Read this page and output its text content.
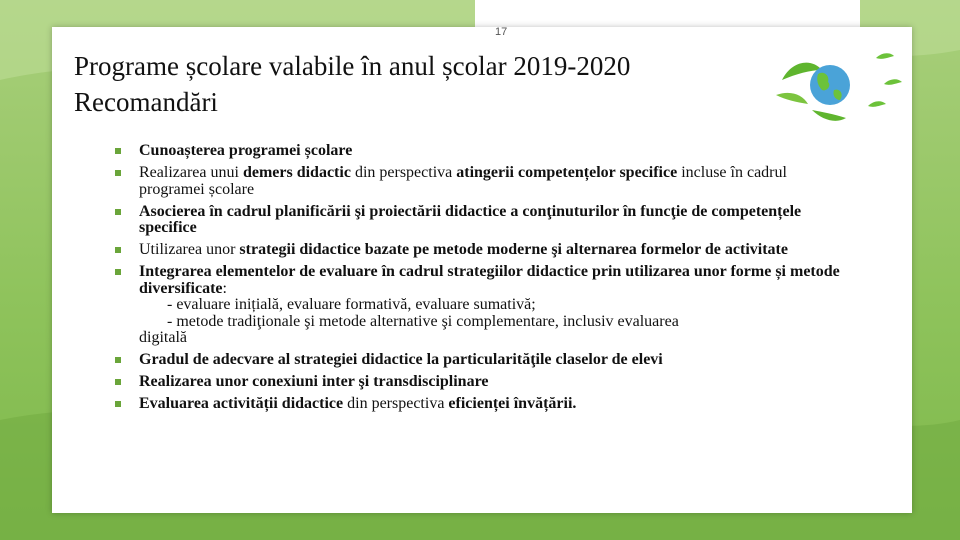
17
Programe școlare valabile în anul școlar 2019-2020
Recomandări
Cunoașterea programei școlare
Realizarea unui demers didactic din perspectiva atingerii competențelor specifice incluse în cadrul programei școlare
Asocierea în cadrul planificării şi proiectării didactice a conţinuturilor în funcţie de competențele specifice
Utilizarea unor strategii didactice bazate pe metode moderne şi alternarea formelor de activitate
Integrarea elementelor de evaluare în cadrul strategiilor didactice prin utilizarea unor forme și metode diversificate:
- evaluare inițială, evaluare formativă, evaluare sumativă;
- metode tradiţionale şi metode alternative şi complementare, inclusiv evaluarea
digitală
Gradul de adecvare al strategiei didactice la particularităţile claselor de elevi
Realizarea unor conexiuni inter şi transdisciplinare
Evaluarea activității didactice din perspectiva eficienței învățării.
